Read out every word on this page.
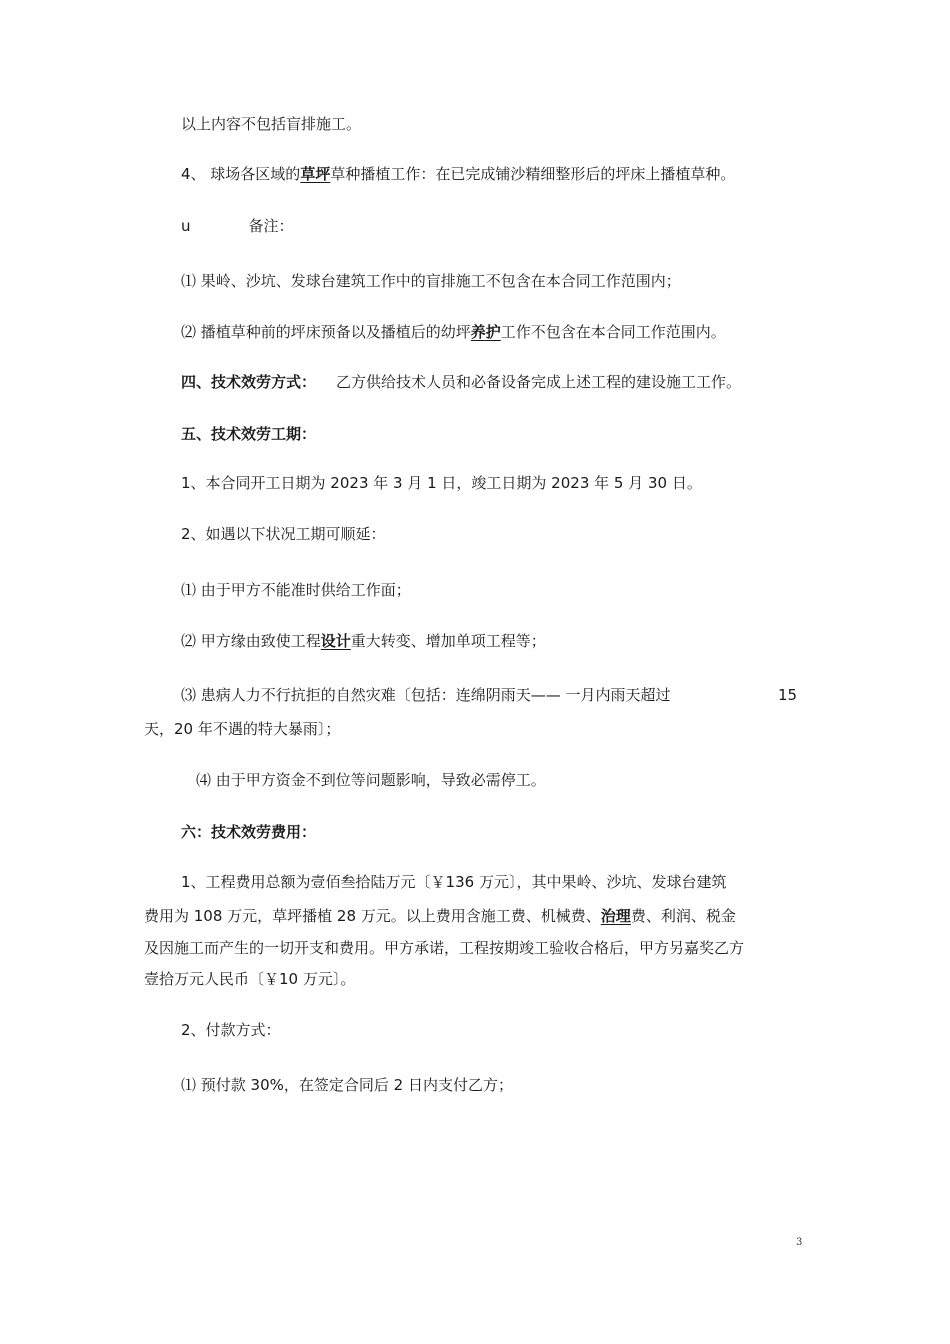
以上内容不包括盲排施工。
4、 球场各区域的草坪草种播植工作：在已完成铺沙精细整形后的坪床上播植草种。
u	备注：
⑴ 果岭、沙坑、发球台建筑工作中的盲排施工不包含在本合同工作范围内；
⑵ 播植草种前的坪床预备以及播植后的幼坪养护工作不包含在本合同工作范围内。
四、技术效劳方式： 乙方供给技术人员和必备设备完成上述工程的建设施工工作。
五、技术效劳工期：
1、本合同开工日期为 2023 年 3 月 1 日，竣工日期为 2023 年 5 月 30 日。
2、如遇以下状况工期可顺延：
⑴ 由于甲方不能准时供给工作面；
⑵ 甲方缘由致使工程设计重大转变、增加单项工程等；
⑶ 患病人力不行抗拒的自然灾难〔包括：连绵阴雨天—— 一月内雨天超过	15
天，20 年不遇的特大暴雨〕；
⑷ 由于甲方资金不到位等问题影响，导致必需停工。
六：技术效劳费用：
1、工程费用总额为壹佰叁拾陆万元〔￥136 万元〕，其中果岭、沙坑、发球台建筑
费用为 108 万元，草坪播植 28 万元。以上费用含施工费、机械费、治理费、利润、税金
及因施工而产生的一切开支和费用。甲方承诺，工程按期竣工验收合格后，甲方另嘉奖乙方
壹拾万元人民币〔￥10 万元〕。
2、付款方式：
⑴ 预付款 30%，在签定合同后 2 日内支付乙方；
3
